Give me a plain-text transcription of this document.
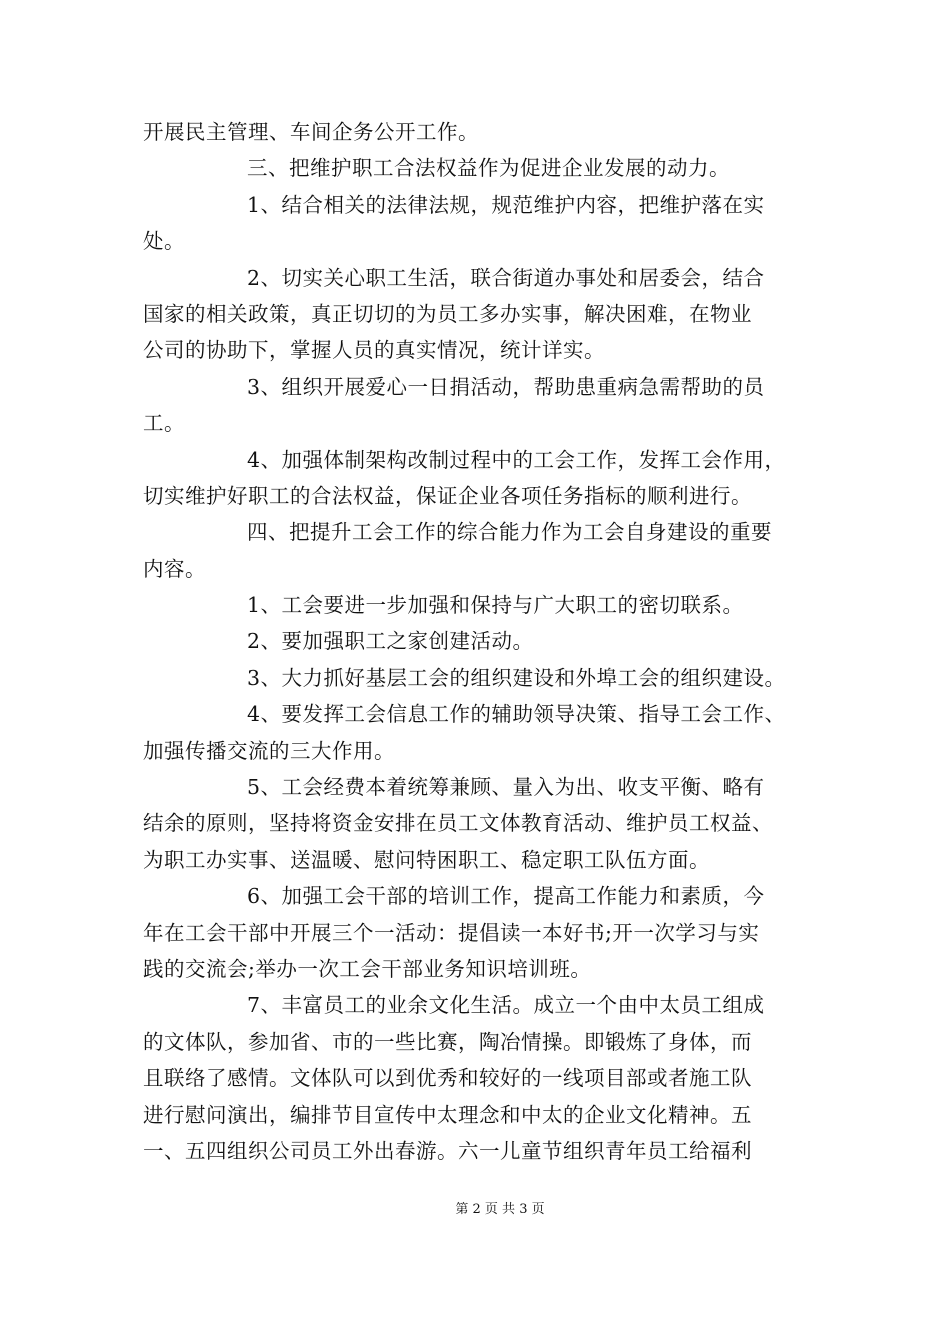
开展民主管理、车间企务公开工作。
三、把维护职工合法权益作为促进企业发展的动力。
1、结合相关的法律法规，规范维护内容，把维护落在实
处。
2、切实关心职工生活，联合街道办事处和居委会，结合
国家的相关政策，真正切切的为员工多办实事，解决困难，在物业
公司的协助下，掌握人员的真实情况，统计详实。
3、组织开展爱心一日捐活动，帮助患重病急需帮助的员
工。
4、加强体制架构改制过程中的工会工作，发挥工会作用，
切实维护好职工的合法权益，保证企业各项任务指标的顺利进行。
四、把提升工会工作的综合能力作为工会自身建设的重要
内容。
1、工会要进一步加强和保持与广大职工的密切联系。
2、要加强职工之家创建活动。
3、大力抓好基层工会的组织建设和外埠工会的组织建设。
4、要发挥工会信息工作的辅助领导决策、指导工会工作、
加强传播交流的三大作用。
5、工会经费本着统筹兼顾、量入为出、收支平衡、略有
结余的原则，坚持将资金安排在员工文体教育活动、维护员工权益、
为职工办实事、送温暖、慰问特困职工、稳定职工队伍方面。
6、加强工会干部的培训工作，提高工作能力和素质，今
年在工会干部中开展三个一活动：提倡读一本好书;开一次学习与实
践的交流会;举办一次工会干部业务知识培训班。
7、丰富员工的业余文化生活。成立一个由中太员工组成
的文体队，参加省、市的一些比赛，陶冶情操。即锻炼了身体，而
且联络了感情。文体队可以到优秀和较好的一线项目部或者施工队
进行慰问演出，编排节目宣传中太理念和中太的企业文化精神。五
一、五四组织公司员工外出春游。六一儿童节组织青年员工给福利
第 2 页 共 3 页
